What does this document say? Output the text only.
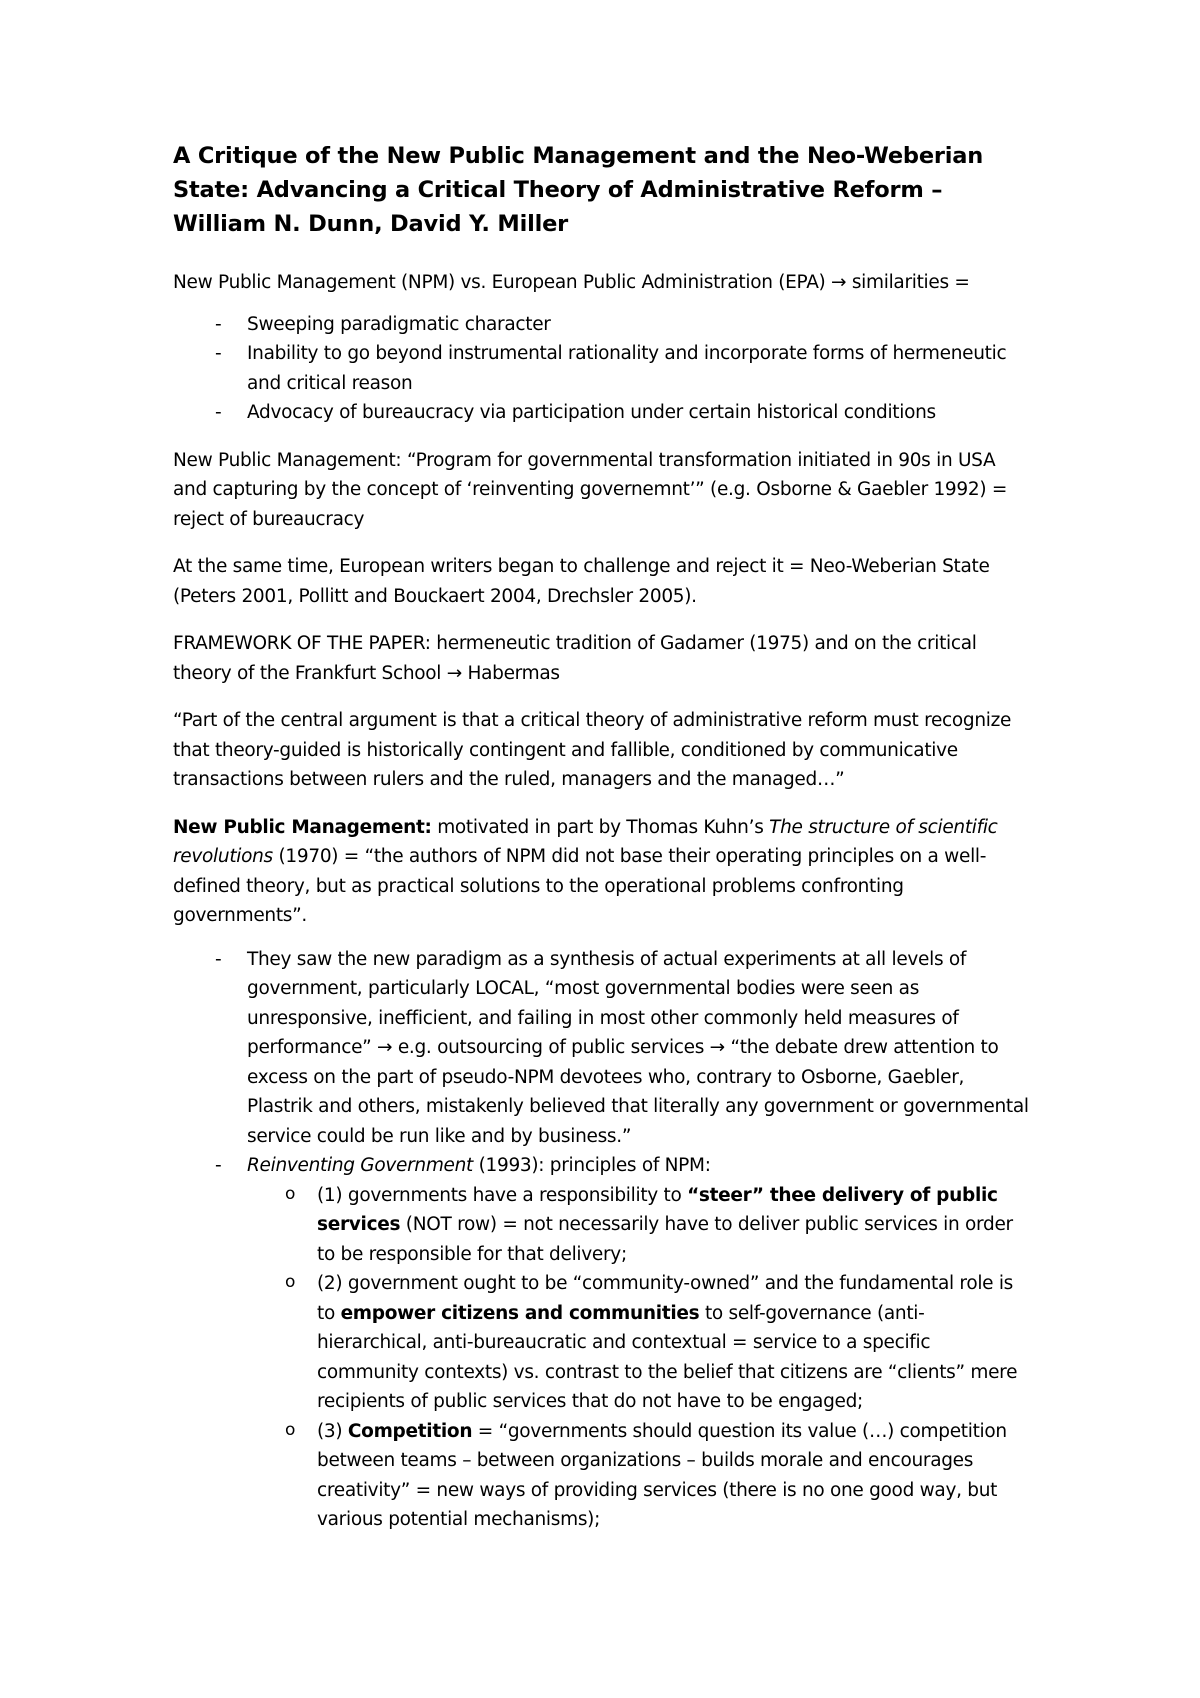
A Critique of the New Public Management and the Neo-Weberian State: Advancing a Critical Theory of Administrative Reform – William N. Dunn, David Y. Miller

New Public Management (NPM) vs. European Public Administration (EPA) → similarities =

- Sweeping paradigmatic character
- Inability to go beyond instrumental rationality and incorporate forms of hermeneutic and critical reason
- Advocacy of bureaucracy via participation under certain historical conditions

New Public Management: “Program for governmental transformation initiated in 90s in USA and capturing by the concept of ‘reinventing governemnt’” (e.g. Osborne & Gaebler 1992) = reject of bureaucracy

At the same time, European writers began to challenge and reject it = Neo-Weberian State (Peters 2001, Pollitt and Bouckaert 2004, Drechsler 2005).

FRAMEWORK OF THE PAPER: hermeneutic tradition of Gadamer (1975) and on the critical theory of the Frankfurt School → Habermas

“Part of the central argument is that a critical theory of administrative reform must recognize that theory-guided is historically contingent and fallible, conditioned by communicative transactions between rulers and the ruled, managers and the managed…”

New Public Management: motivated in part by Thomas Kuhn’s The structure of scientific revolutions (1970) = “the authors of NPM did not base their operating principles on a well-defined theory, but as practical solutions to the operational problems confronting governments”.

- They saw the new paradigm as a synthesis of actual experiments at all levels of government, particularly LOCAL, “most governmental bodies were seen as unresponsive, inefficient, and failing in most other commonly held measures of performance” → e.g. outsourcing of public services → “the debate drew attention to excess on the part of pseudo-NPM devotees who, contrary to Osborne, Gaebler, Plastrik and others, mistakenly believed that literally any government or governmental service could be run like and by business.”
- Reinventing Government (1993): principles of NPM:
o (1) governments have a responsibility to “steer” thee delivery of public services (NOT row) = not necessarily have to deliver public services in order to be responsible for that delivery;
o (2) government ought to be “community-owned” and the fundamental role is to empower citizens and communities to self-governance (anti-hierarchical, anti-bureaucratic and contextual = service to a specific community contexts) vs. contrast to the belief that citizens are “clients” mere recipients of public services that do not have to be engaged;
o (3) Competition = “governments should question its value (…) competition between teams – between organizations – builds morale and encourages creativity” = new ways of providing services (there is no one good way, but various potential mechanisms);
